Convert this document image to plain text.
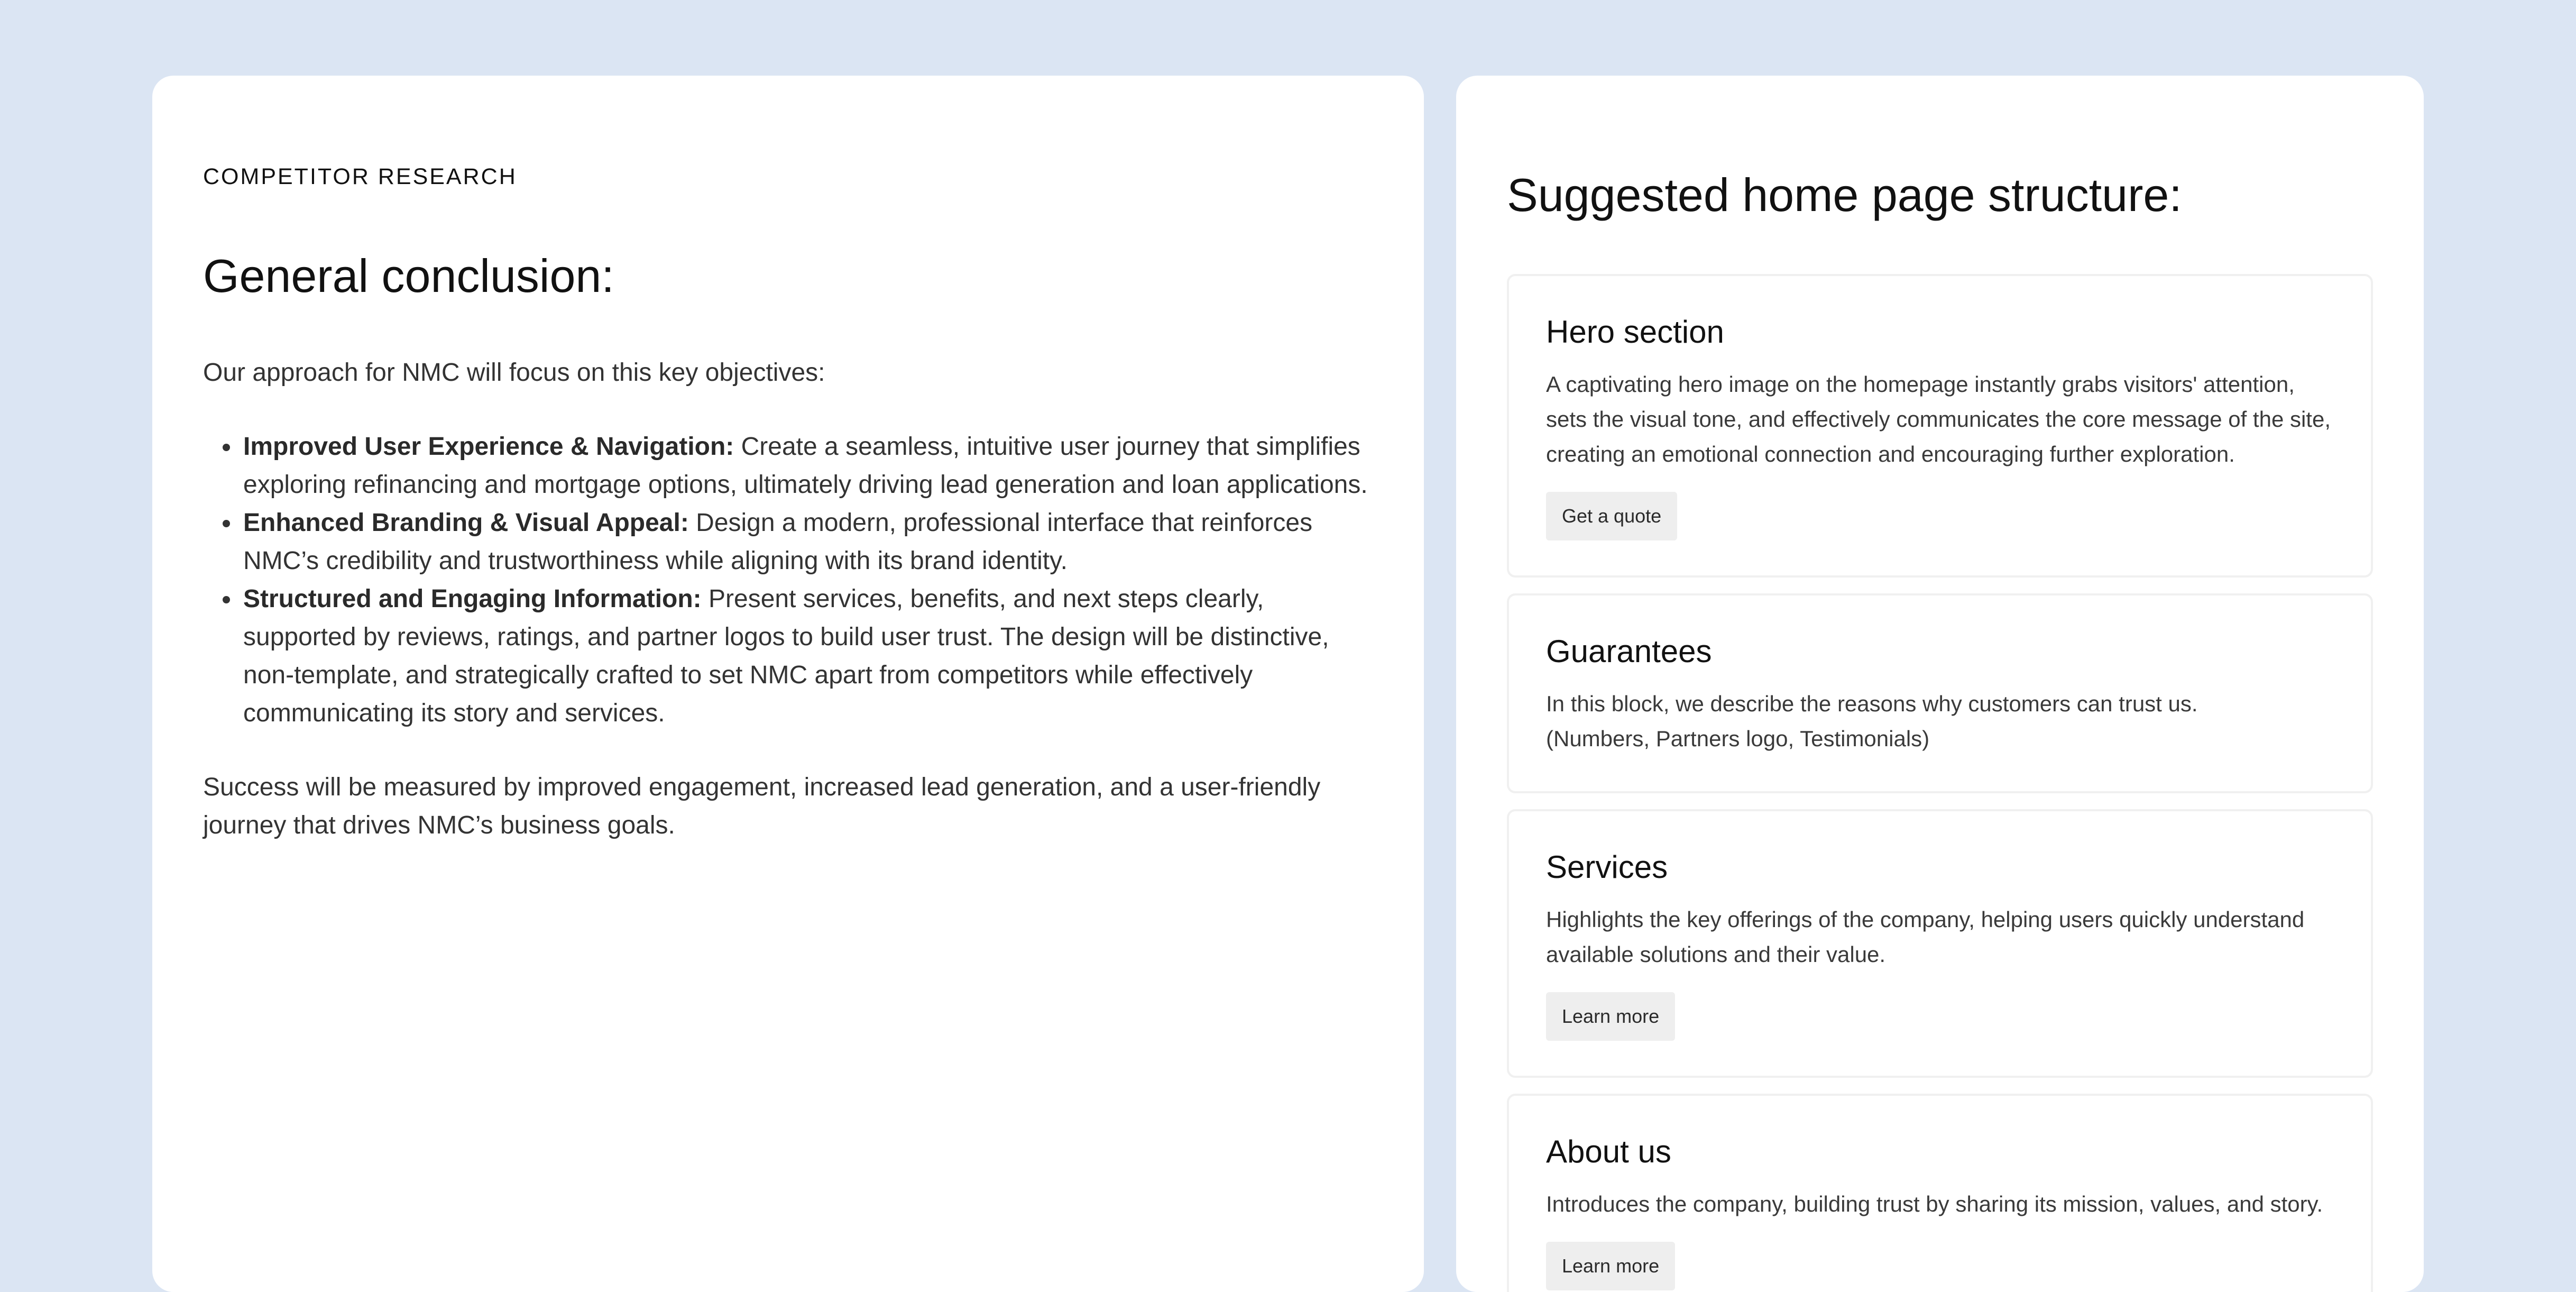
COMPETITOR RESEARCH

General conclusion:

Our approach for NMC will focus on this key objectives:

• Improved User Experience & Navigation: Create a seamless, intuitive user journey that simplifies exploring refinancing and mortgage options, ultimately driving lead generation and loan applications.
• Enhanced Branding & Visual Appeal: Design a modern, professional interface that reinforces NMC’s credibility and trustworthiness while aligning with its brand identity.
• Structured and Engaging Information: Present services, benefits, and next steps clearly, supported by reviews, ratings, and partner logos to build user trust. The design will be distinctive, non-template, and strategically crafted to set NMC apart from competitors while effectively communicating its story and services.

Success will be measured by improved engagement, increased lead generation, and a user-friendly journey that drives NMC’s business goals.

Suggested home page structure:
Hero section

A captivating hero image on the homepage instantly grabs visitors' attention, sets the visual tone, and effectively communicates the core message of the site, creating an emotional connection and encouraging further exploration.

Get a quote
Guarantees

In this block, we describe the reasons why customers can trust us.
(Numbers, Partners logo, Testimonials)

Services

Highlights the key offerings of the company, helping users quickly understand available solutions and their value.

Learn more
About us

Introduces the company, building trust by sharing its mission, values, and story.

Learn more
